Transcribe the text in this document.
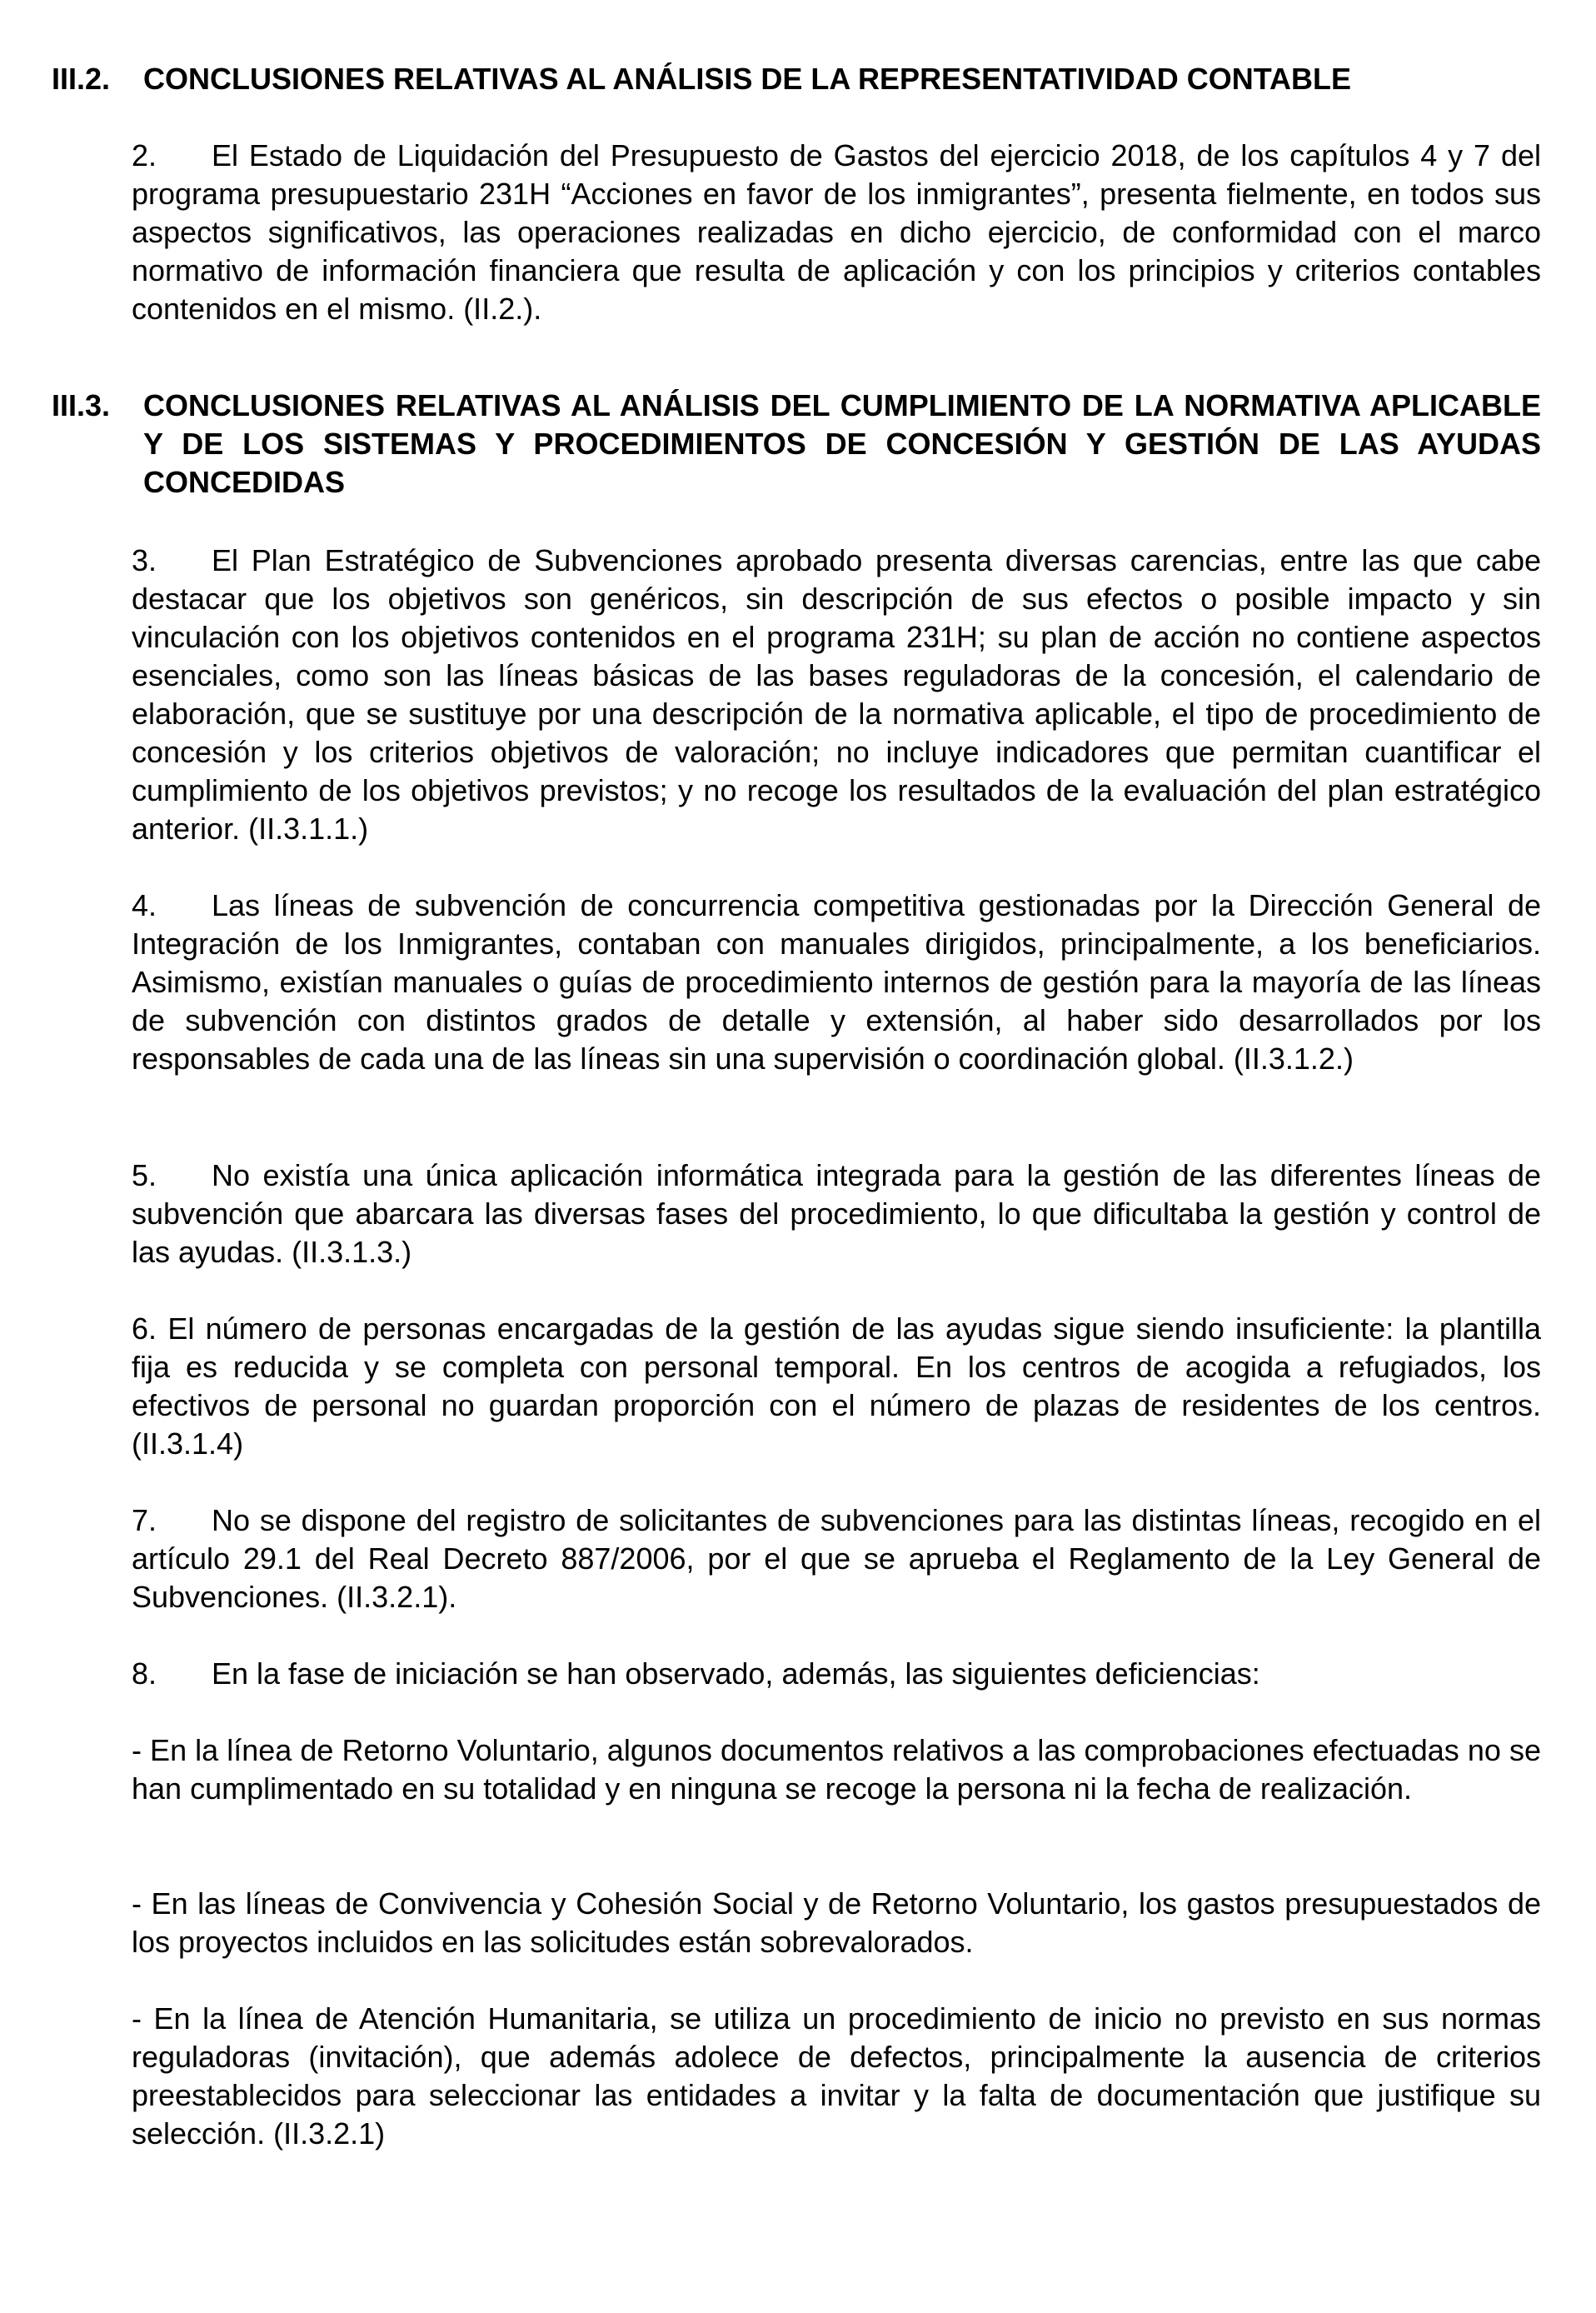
III.2. CONCLUSIONES RELATIVAS AL ANÁLISIS DE LA REPRESENTATIVIDAD CONTABLE
2. El Estado de Liquidación del Presupuesto de Gastos del ejercicio 2018, de los capítulos 4 y 7 del programa presupuestario 231H “Acciones en favor de los inmigrantes”, presenta fielmente, en todos sus aspectos significativos, las operaciones realizadas en dicho ejercicio, de conformidad con el marco normativo de información financiera que resulta de aplicación y con los principios y criterios contables contenidos en el mismo. (II.2.).
III.3. CONCLUSIONES RELATIVAS AL ANÁLISIS DEL CUMPLIMIENTO DE LA NORMATIVA APLICABLE Y DE LOS SISTEMAS Y PROCEDIMIENTOS DE CONCESIÓN Y GESTIÓN DE LAS AYUDAS CONCEDIDAS
3. El Plan Estratégico de Subvenciones aprobado presenta diversas carencias, entre las que cabe destacar que los objetivos son genéricos, sin descripción de sus efectos o posible impacto y sin vinculación con los objetivos contenidos en el programa 231H; su plan de acción no contiene aspectos esenciales, como son las líneas básicas de las bases reguladoras de la concesión, el calendario de elaboración, que se sustituye por una descripción de la normativa aplicable, el tipo de procedimiento de concesión y los criterios objetivos de valoración; no incluye indicadores que permitan cuantificar el cumplimiento de los objetivos previstos; y no recoge los resultados de la evaluación del plan estratégico anterior. (II.3.1.1.)
4. Las líneas de subvención de concurrencia competitiva gestionadas por la Dirección General de Integración de los Inmigrantes, contaban con manuales dirigidos, principalmente, a los beneficiarios. Asimismo, existían manuales o guías de procedimiento internos de gestión para la mayoría de las líneas de subvención con distintos grados de detalle y extensión, al haber sido desarrollados por los responsables de cada una de las líneas sin una supervisión o coordinación global. (II.3.1.2.)
5. No existía una única aplicación informática integrada para la gestión de las diferentes líneas de subvención que abarcara las diversas fases del procedimiento, lo que dificultaba la gestión y control de las ayudas. (II.3.1.3.)
6. El número de personas encargadas de la gestión de las ayudas sigue siendo insuficiente: la plantilla fija es reducida y se completa con personal temporal. En los centros de acogida a refugiados, los efectivos de personal no guardan proporción con el número de plazas de residentes de los centros. (II.3.1.4)
7. No se dispone del registro de solicitantes de subvenciones para las distintas líneas, recogido en el artículo 29.1 del Real Decreto 887/2006, por el que se aprueba el Reglamento de la Ley General de Subvenciones. (II.3.2.1).
8. En la fase de iniciación se han observado, además, las siguientes deficiencias:
- En la línea de Retorno Voluntario, algunos documentos relativos a las comprobaciones efectuadas no se han cumplimentado en su totalidad y en ninguna se recoge la persona ni la fecha de realización.
- En las líneas de Convivencia y Cohesión Social y de Retorno Voluntario, los gastos presupuestados de los proyectos incluidos en las solicitudes están sobrevalorados.
- En la línea de Atención Humanitaria, se utiliza un procedimiento de inicio no previsto en sus normas reguladoras (invitación), que además adolece de defectos, principalmente la ausencia de criterios preestablecidos para seleccionar las entidades a invitar y la falta de documentación que justifique su selección. (II.3.2.1)
